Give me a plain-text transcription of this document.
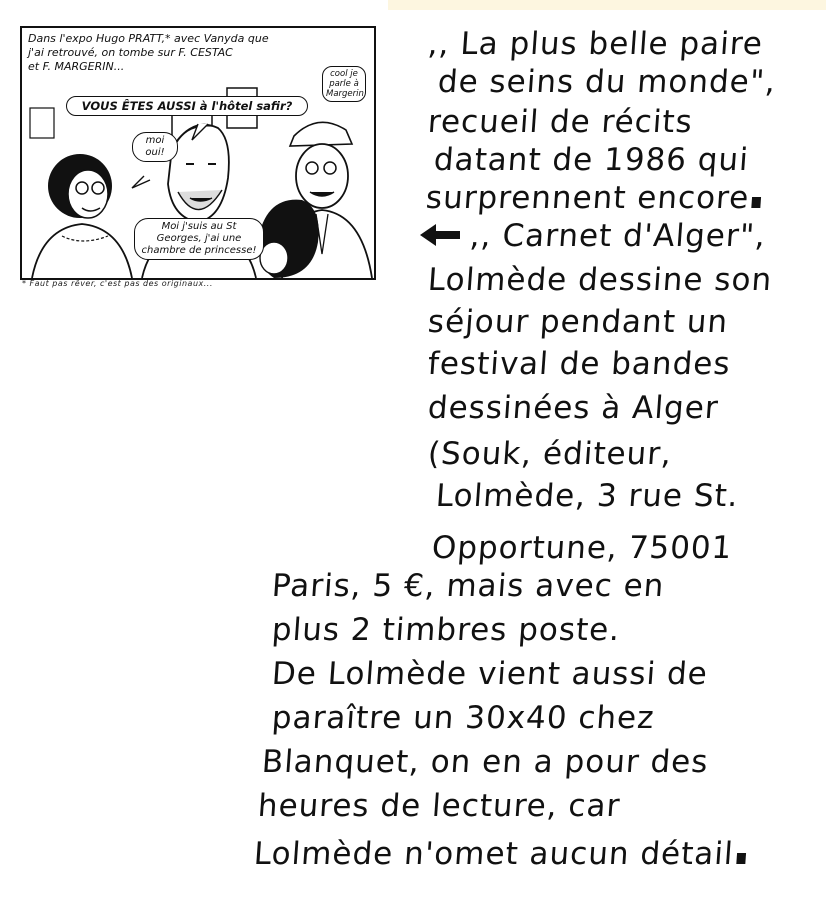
Dans l'expo Hugo PRATT,* avec Vanyda que
j'ai retrouvé, on tombe sur F. CESTAC
et F. MARGERIN...
VOUS ÊTES AUSSI à l'hôtel safir?
moi oui!
cool je parle à Margerin
Moi j'suis au St Georges, j'ai une chambre de princesse!
* Faut pas rêver, c'est pas des originaux...
,, La plus belle paire
de seins du monde",
recueil de récits
datant de 1986 qui
surprennent encore
,, Carnet d'Alger",
Lolmède dessine son
séjour pendant un
festival de bandes
dessinées à Alger
(Souk, éditeur,
Lolmède, 3 rue St.
Opportune, 75001
Paris, 5 €, mais avec en
plus 2 timbres poste.
De Lolmède vient aussi de
paraître un 30x40 chez
Blanquet, on en a pour des
heures de lecture, car
Lolmède n'omet aucun détail
